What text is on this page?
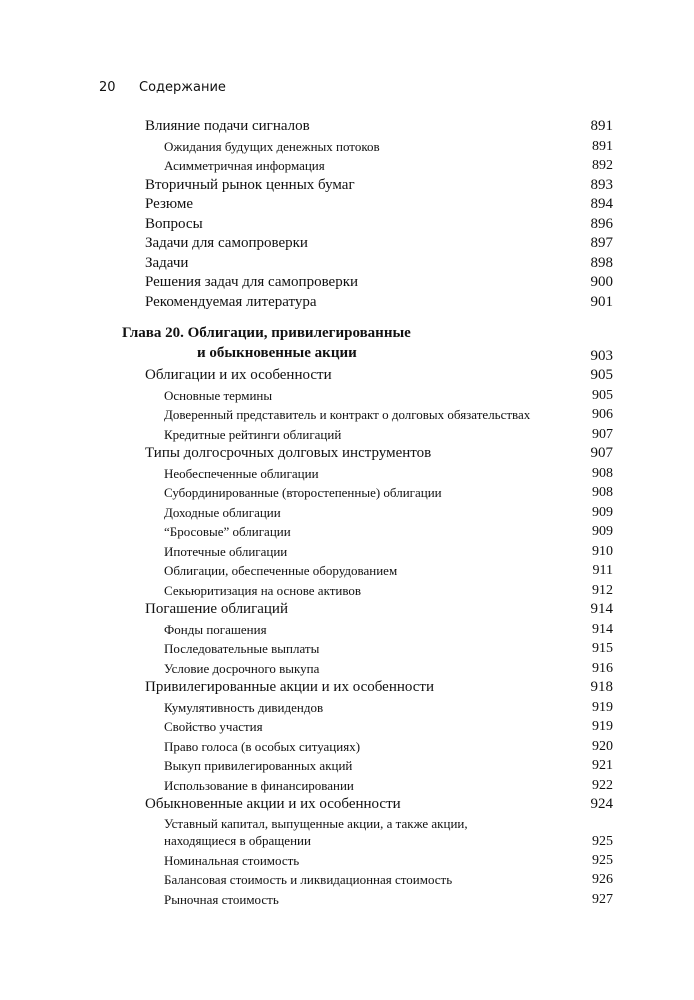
20 Содержание
Влияние подачи сигналов	891
Ожидания будущих денежных потоков	891
Асимметричная информация	892
Вторичный рынок ценных бумаг	893
Резюме	894
Вопросы	896
Задачи для самопроверки	897
Задачи	898
Решения задач для самопроверки	900
Рекомендуемая литература	901
Глава 20. Облигации, привилегированные
и обыкновенные акции	903
Облигации и их особенности	905
Основные термины	905
Доверенный представитель и контракт о долговых обязательствах	906
Кредитные рейтинги облигаций	907
Типы долгосрочных долговых инструментов	907
Необеспеченные облигации	908
Субординированные (второстепенные) облигации	908
Доходные облигации	909
“Бросовые” облигации	909
Ипотечные облигации	910
Облигации, обеспеченные оборудованием	911
Секьюритизация на основе активов	912
Погашение облигаций	914
Фонды погашения	914
Последовательные выплаты	915
Условие досрочного выкупа	916
Привилегированные акции и их особенности	918
Кумулятивность дивидендов	919
Свойство участия	919
Право голоса (в особых ситуациях)	920
Выкуп привилегированных акций	921
Использование в финансировании	922
Обыкновенные акции и их особенности	924
Уставный капитал, выпущенные акции, а также акции,
находящиеся в обращении	925
Номинальная стоимость	925
Балансовая стоимость и ликвидационная стоимость	926
Рыночная стоимость	927
